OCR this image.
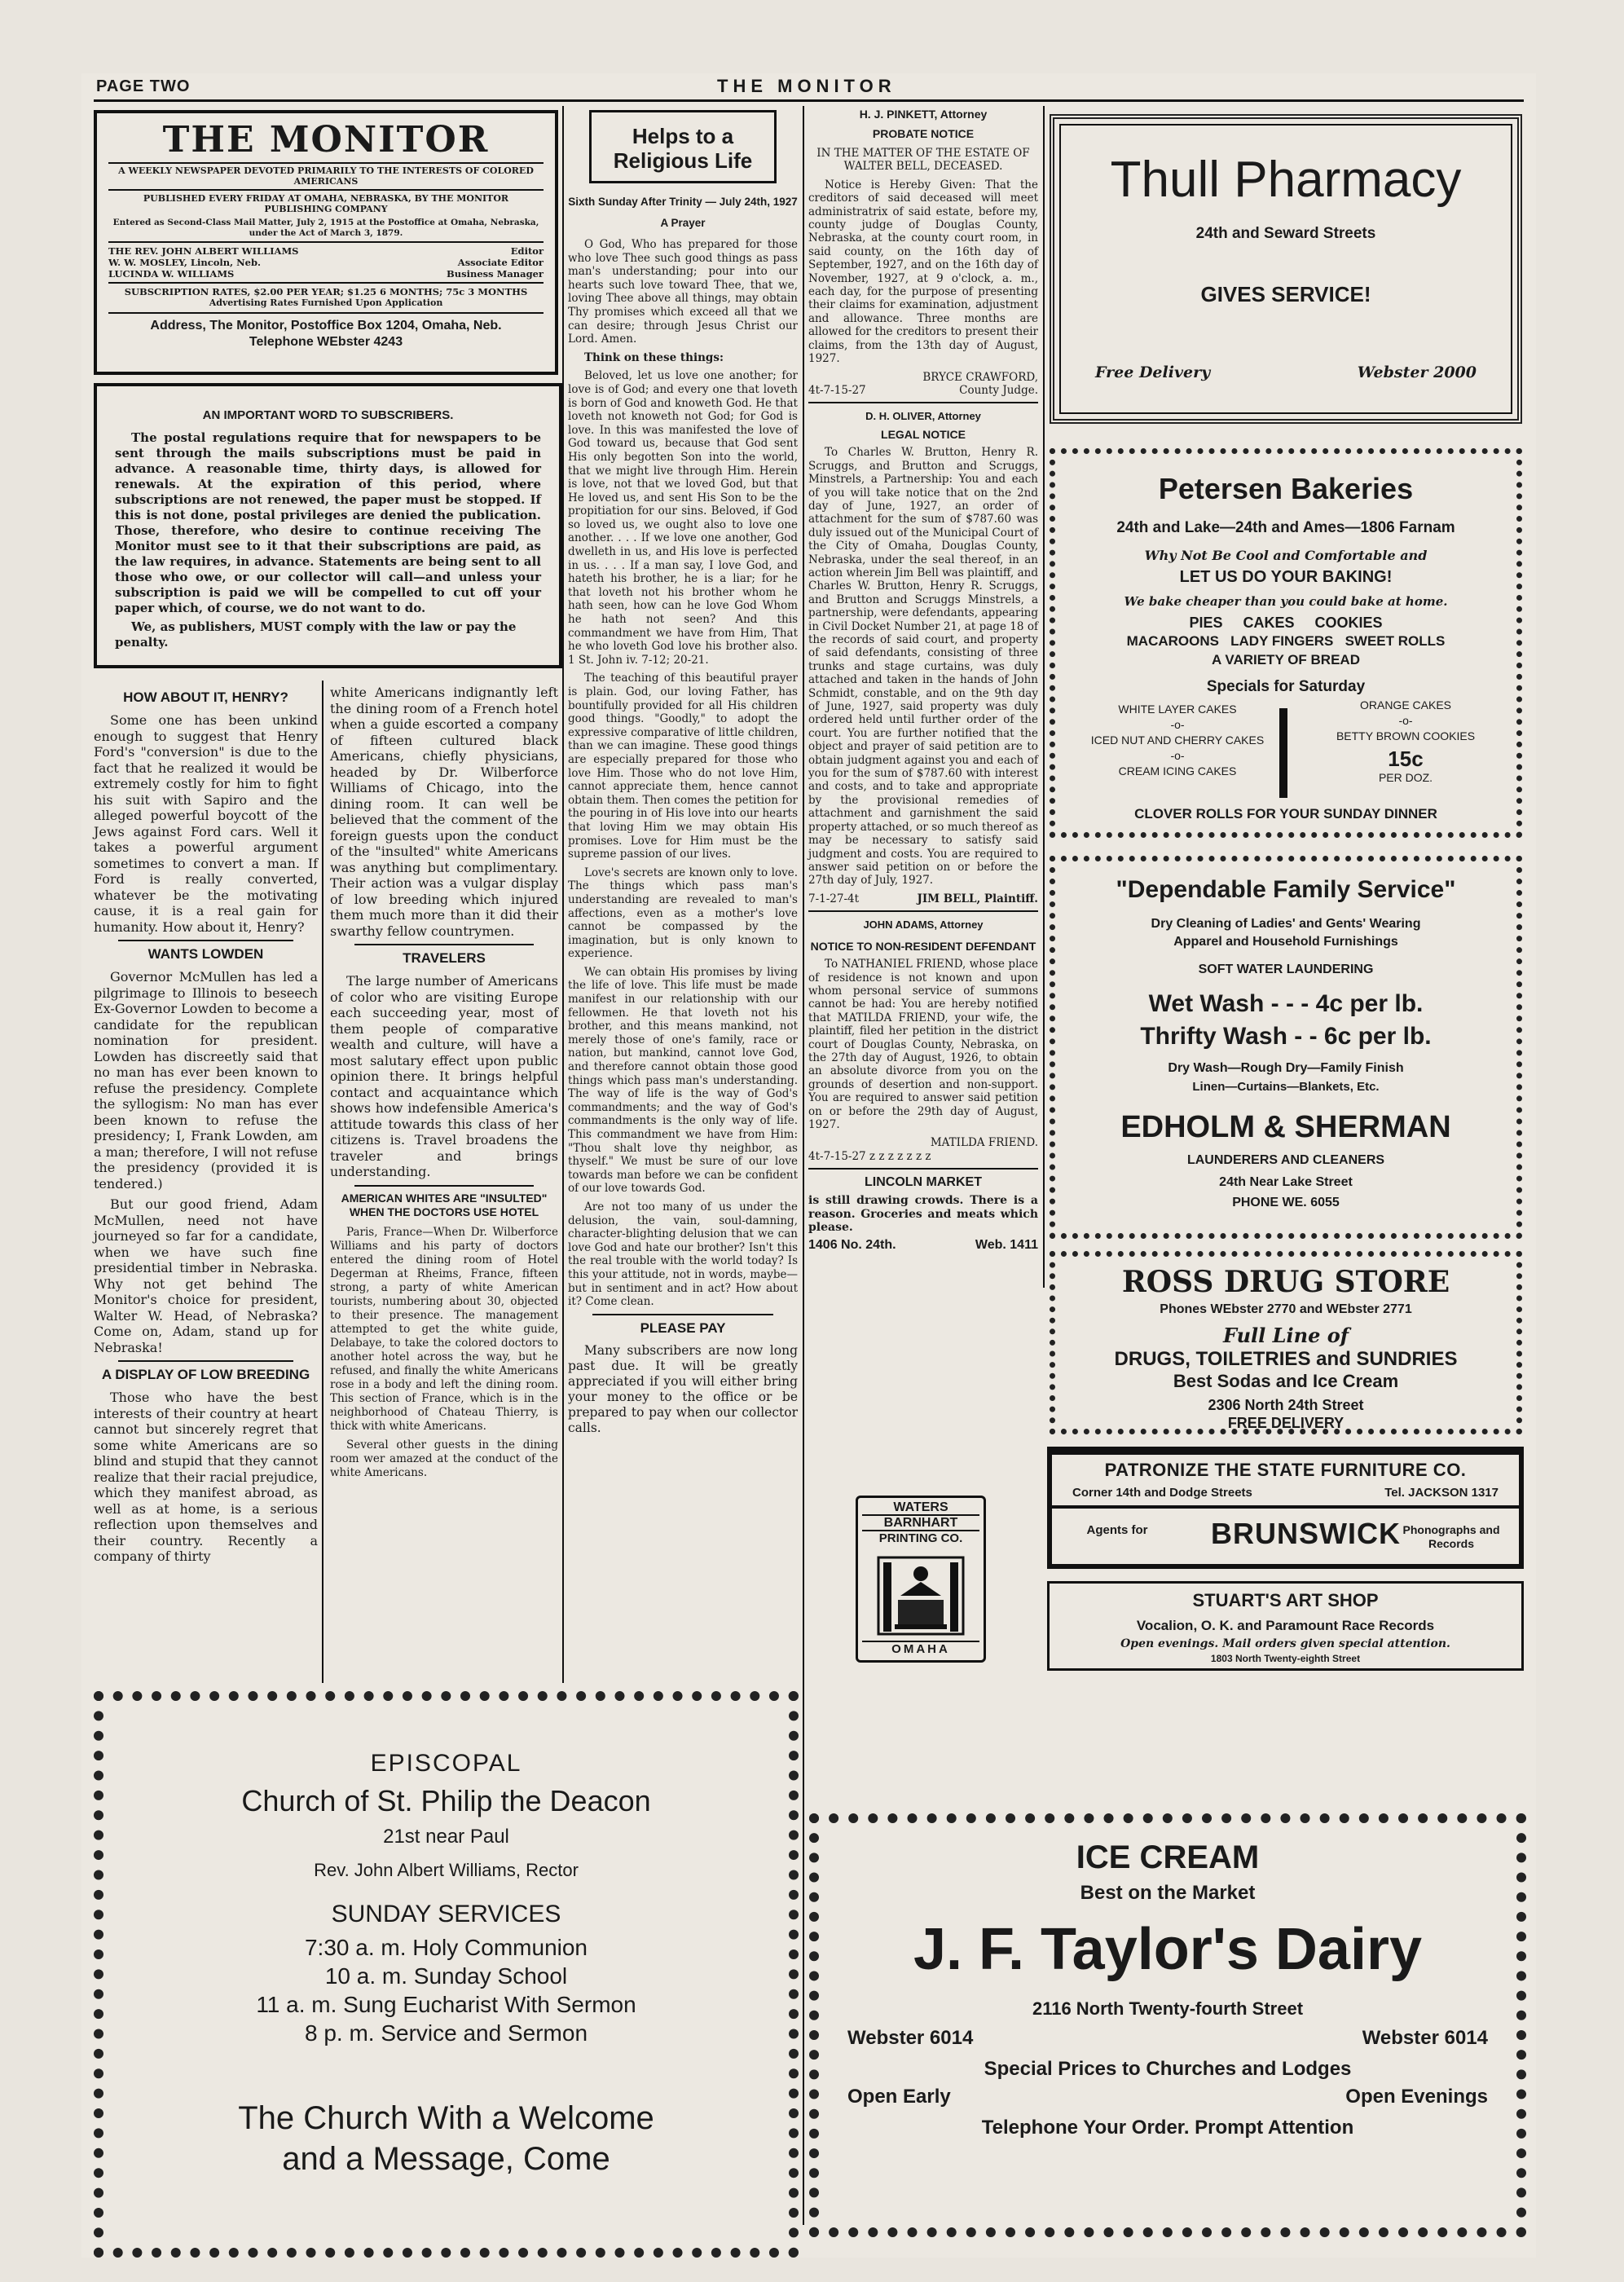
PAGE TWO	THE MONITOR
THE MONITOR
A WEEKLY NEWSPAPER DEVOTED PRIMARILY TO THE INTERESTS OF COLORED AMERICANS
PUBLISHED EVERY FRIDAY AT OMAHA, NEBRASKA, BY THE MONITOR PUBLISHING COMPANY
Entered as Second-Class Mail Matter, July 2, 1915 at the Postoffice at Omaha, Nebraska, under the Act of March 3, 1879.
THE REV. JOHN ALBERT WILLIAMS	Editor
W. W. MOSLEY, Lincoln, Neb.	Associate Editor
LUCINDA W. WILLIAMS	Business Manager
SUBSCRIPTION RATES, $2.00 PER YEAR; $1.25 6 MONTHS; 75c 3 MONTHS
Advertising Rates Furnished Upon Application
Address, The Monitor, Postoffice Box 1204, Omaha, Neb.
Telephone WEbster 4243
AN IMPORTANT WORD TO SUBSCRIBERS.
The postal regulations require that for newspapers to be sent through the mails subscriptions must be paid in advance. A reasonable time, thirty days, is allowed for renewals. At the expiration of this period, where subscriptions are not renewed, the paper must be stopped. If this is not done, postal privileges are denied the publication. Those, therefore, who desire to continue receiving The Monitor must see to it that their subscriptions are paid, as the law requires, in advance. Statements are being sent to all those who owe, or our collector will call—and unless your subscription is paid we will be compelled to cut off your paper which, of course, we do not want to do.
We, as publishers, MUST comply with the law or pay the penalty.
HOW ABOUT IT, HENRY?

Some one has been unkind enough to suggest that Henry Ford's "conversion" is due to the fact that he realized it would be extremely costly for him to fight his suit with Sapiro and the alleged powerful boycott of the Jews against Ford cars. Well it takes a powerful argument sometimes to convert a man. If Ford is really converted, whatever be the motivating cause, it is a real gain for humanity. How about it, Henry?

WANTS LOWDEN

Governor McMullen has led a pilgrimage to Illinois to beseech Ex-Governor Lowden to become a candidate for the republican nomination for president. Lowden has discreetly said that no man has ever been known to refuse the presidency. Complete the syllogism: No man has ever been known to refuse the presidency; I, Frank Lowden, am a man; therefore, I will not refuse the presidency (provided it is tendered.)

But our good friend, Adam McMullen, need not have journeyed so far for a candidate, when we have such fine presidential timber in Nebraska. Why not get behind The Monitor's choice for president, Walter W. Head, of Nebraska? Come on, Adam, stand up for Nebraska!

A DISPLAY OF LOW BREEDING

Those who have the best interests of their country at heart cannot but sincerely regret that some white Americans are so blind and stupid that they cannot realize that their racial prejudice, which they manifest abroad, as well as at home, is a serious reflection upon themselves and their country. Recently a company of thirty

white Americans indignantly left the dining room of a French hotel when a guide escorted a company of fifteen cultured black Americans, chiefly physicians, headed by Dr. Wilberforce Williams of Chicago, into the dining room. It can well be believed that the comment of the foreign guests upon the conduct of the "insulted" white Americans was anything but complimentary. Their action was a vulgar display of low breeding which injured them much more than it did their swarthy fellow countrymen.

TRAVELERS

The large number of Americans of color who are visiting Europe each succeeding year, most of them people of comparative wealth and culture, will have a most salutary effect upon public opinion there. It brings helpful contact and acquaintance which shows how indefensible America's attitude towards this class of her citizens is. Travel broadens the traveler and brings understanding.

AMERICAN WHITES ARE "INSULTED" WHEN THE DOCTORS USE HOTEL

Paris, France—When Dr. Wilberforce Williams and his party of doctors entered the dining room of Hotel Degerman at Rheims, France, fifteen strong, a party of white American tourists, numbering about 30, objected to their presence. The management attempted to get the white guide, Delabaye, to take the colored doctors to another hotel across the way, but he refused, and finally the white Americans rose in a body and left the dining room. This section of France, which is in the neighborhood of Chateau Thierry, is thick with white Americans.

Several other guests in the dining room wer amazed at the conduct of the white Americans.

Helps to a Religious Life
Sixth Sunday After Trinity — July 24th, 1927
A Prayer

O God, Who has prepared for those who love Thee such good things as pass man's understanding; pour into our hearts such love toward Thee, that we, loving Thee above all things, may obtain Thy promises which exceed all that we can desire; through Jesus Christ our Lord. Amen.

Think on these things:

Beloved, let us love one another; for love is of God; and every one that loveth is born of God and knoweth God. He that loveth not knoweth not God; for God is love. In this was manifested the love of God toward us, because that God sent His only begotten Son into the world, that we might live through Him. Herein is love, not that we loved God, but that He loved us, and sent His Son to be the propitiation for our sins. Beloved, if God so loved us, we ought also to love one another. . . . If we love one another, God dwelleth in us, and His love is perfected in us. . . . If a man say, I love God, and hateth his brother, he is a liar; for he that loveth not his brother whom he hath seen, how can he love God Whom he hath not seen? And this commandment we have from Him, That he who loveth God love his brother also. 1 St. John iv. 7-12; 20-21.

The teaching of this beautiful prayer is plain. God, our loving Father, has bountifully provided for all His children good things. "Goodly," to adopt the expressive comparative of little children, than we can imagine. These good things are especially prepared for those who love Him. Those who do not love Him, cannot appreciate them, hence cannot obtain them. Then comes the petition for the pouring in of His love into our hearts that loving Him we may obtain His promises. Love for Him must be the supreme passion of our lives.

Love's secrets are known only to love. The things which pass man's understanding are revealed to man's affections, even as a mother's love cannot be compassed by the imagination, but is only known to experience.

We can obtain His promises by living the life of love. This life must be made manifest in our relationship with our fellowmen. He that loveth not his brother, and this means mankind, not merely those of one's family, race or nation, but mankind, cannot love God, and therefore cannot obtain those good things which pass man's understanding. The way of life is the way of God's commandments; and the way of God's commandments is the only way of life. This commandment we have from Him: "Thou shalt love thy neighbor, as thyself." We must be sure of our love towards man before we can be confident of our love towards God.

Are not too many of us under the delusion, the vain, soul-damning, character-blighting delusion that we can love God and hate our brother? Isn't this the real trouble with the world today? Is this your attitude, not in words, maybe—but in sentiment and in act? How about it? Come clean.

PLEASE PAY

Many subscribers are now long past due. It will be greatly appreciated if you will either bring your money to the office or be prepared to pay when our collector calls.

H. J. PINKETT, Attorney
PROBATE NOTICE

IN THE MATTER OF THE ESTATE OF WALTER BELL, DECEASED.

Notice is Hereby Given: That the creditors of said deceased will meet administratrix of said estate, before my, county judge of Douglas County, Nebraska, at the county court room, in said county, on the 16th day of September, 1927, and on the 16th day of November, 1927, at 9 o'clock, a. m., each day, for the purpose of presenting their claims for examination, adjustment and allowance. Three months are allowed for the creditors to present their claims, from the 13th day of August, 1927.

BRYCE CRAWFORD,
4t-7-15-27	County Judge.
D. H. OLIVER, Attorney
LEGAL NOTICE

To Charles W. Brutton, Henry R. Scruggs, and Brutton and Scruggs, Minstrels, a Partnership: You and each of you will take notice that on the 2nd day of June, 1927, an order of attachment for the sum of $787.60 was duly issued out of the Municipal Court of the City of Omaha, Douglas County, Nebraska, under the seal thereof, in an action wherein Jim Bell was plaintiff, and Charles W. Brutton, Henry R. Scruggs, and Brutton and Scruggs Minstrels, a partnership, were defendants, appearing in Civil Docket Number 21, at page 18 of the records of said court, and property of said defendants, consisting of three trunks and stage curtains, was duly attached and taken in the hands of John Schmidt, constable, and on the 9th day of June, 1927, said property was duly ordered held until further order of the court. You are further notified that the object and prayer of said petition are to obtain judgment against you and each of you for the sum of $787.60 with interest and costs, and to take and appropriate by the provisional remedies of attachment and garnishment the said property attached, or so much thereof as may be necessary to satisfy said judgment and costs. You are required to answer said petition on or before the 27th day of July, 1927.

7-1-27-4t	JIM BELL, Plaintiff.
JOHN ADAMS, Attorney
NOTICE TO NON-RESIDENT DEFENDANT

To NATHANIEL FRIEND, whose place of residence is not known and upon whom personal service of summons cannot be had: You are hereby notified that MATILDA FRIEND, your wife, the plaintiff, filed her petition in the district court of Douglas County, Nebraska, on the 27th day of August, 1926, to obtain an absolute divorce from you on the grounds of desertion and non-support. You are required to answer said petition on or before the 29th day of August, 1927.

MATILDA FRIEND.
4t-7-15-27 z z z z z z z
LINCOLN MARKET

is still drawing crowds. There is a reason. Groceries and meats which please.

1406 No. 24th.	Web. 1411
WATERS
BARNHART
PRINTING CO.
OMAHA
Thull Pharmacy
24th and Seward Streets
GIVES SERVICE!
Free Delivery	Webster 2000
Petersen Bakeries
24th and Lake—24th and Ames—1806 Farnam
Why Not Be Cool and Comfortable and
LET US DO YOUR BAKING!
We bake cheaper than you could bake at home.
PIES     CAKES     COOKIES
MACAROONS   LADY FINGERS   SWEET ROLLS
A VARIETY OF BREAD
Specials for Saturday
WHITE LAYER CAKES
-o-
ICED NUT AND CHERRY CAKES
-o-
CREAM ICING CAKES
ORANGE CAKES
-o-
BETTY BROWN COOKIES
15c
PER DOZ.
CLOVER ROLLS FOR YOUR SUNDAY DINNER
"Dependable Family Service"
Dry Cleaning of Ladies' and Gents' Wearing
Apparel and Household Furnishings
SOFT WATER LAUNDERING
Wet Wash - - - 4c per lb.
Thrifty Wash - - 6c per lb.
Dry Wash—Rough Dry—Family Finish
Linen—Curtains—Blankets, Etc.
EDHOLM & SHERMAN
LAUNDERERS AND CLEANERS
24th Near Lake Street
PHONE WE. 6055
ROSS DRUG STORE
Phones WEbster 2770 and WEbster 2771
Full Line of
DRUGS, TOILETRIES and SUNDRIES
Best Sodas and Ice Cream
2306 North 24th Street
FREE DELIVERY
PATRONIZE THE STATE FURNITURE CO.
Corner 14th and Dodge Streets	Tel. JACKSON 1317
Agents for BRUNSWICK Phonographs and Records
STUART'S ART SHOP
Vocalion, O. K. and Paramount Race Records
Open evenings. Mail orders given special attention.
1803 North Twenty-eighth Street
EPISCOPAL
Church of St. Philip the Deacon
21st near Paul
Rev. John Albert Williams, Rector
SUNDAY SERVICES
7:30 a. m. Holy Communion
10 a. m. Sunday School
11 a. m. Sung Eucharist With Sermon
8 p. m. Service and Sermon
The Church With a Welcome
and a Message, Come
ICE CREAM
Best on the Market
J. F. Taylor's Dairy
2116 North Twenty-fourth Street
Webster 6014	Webster 6014
Special Prices to Churches and Lodges
Open Early	Open Evenings
Telephone Your Order. Prompt Attention
